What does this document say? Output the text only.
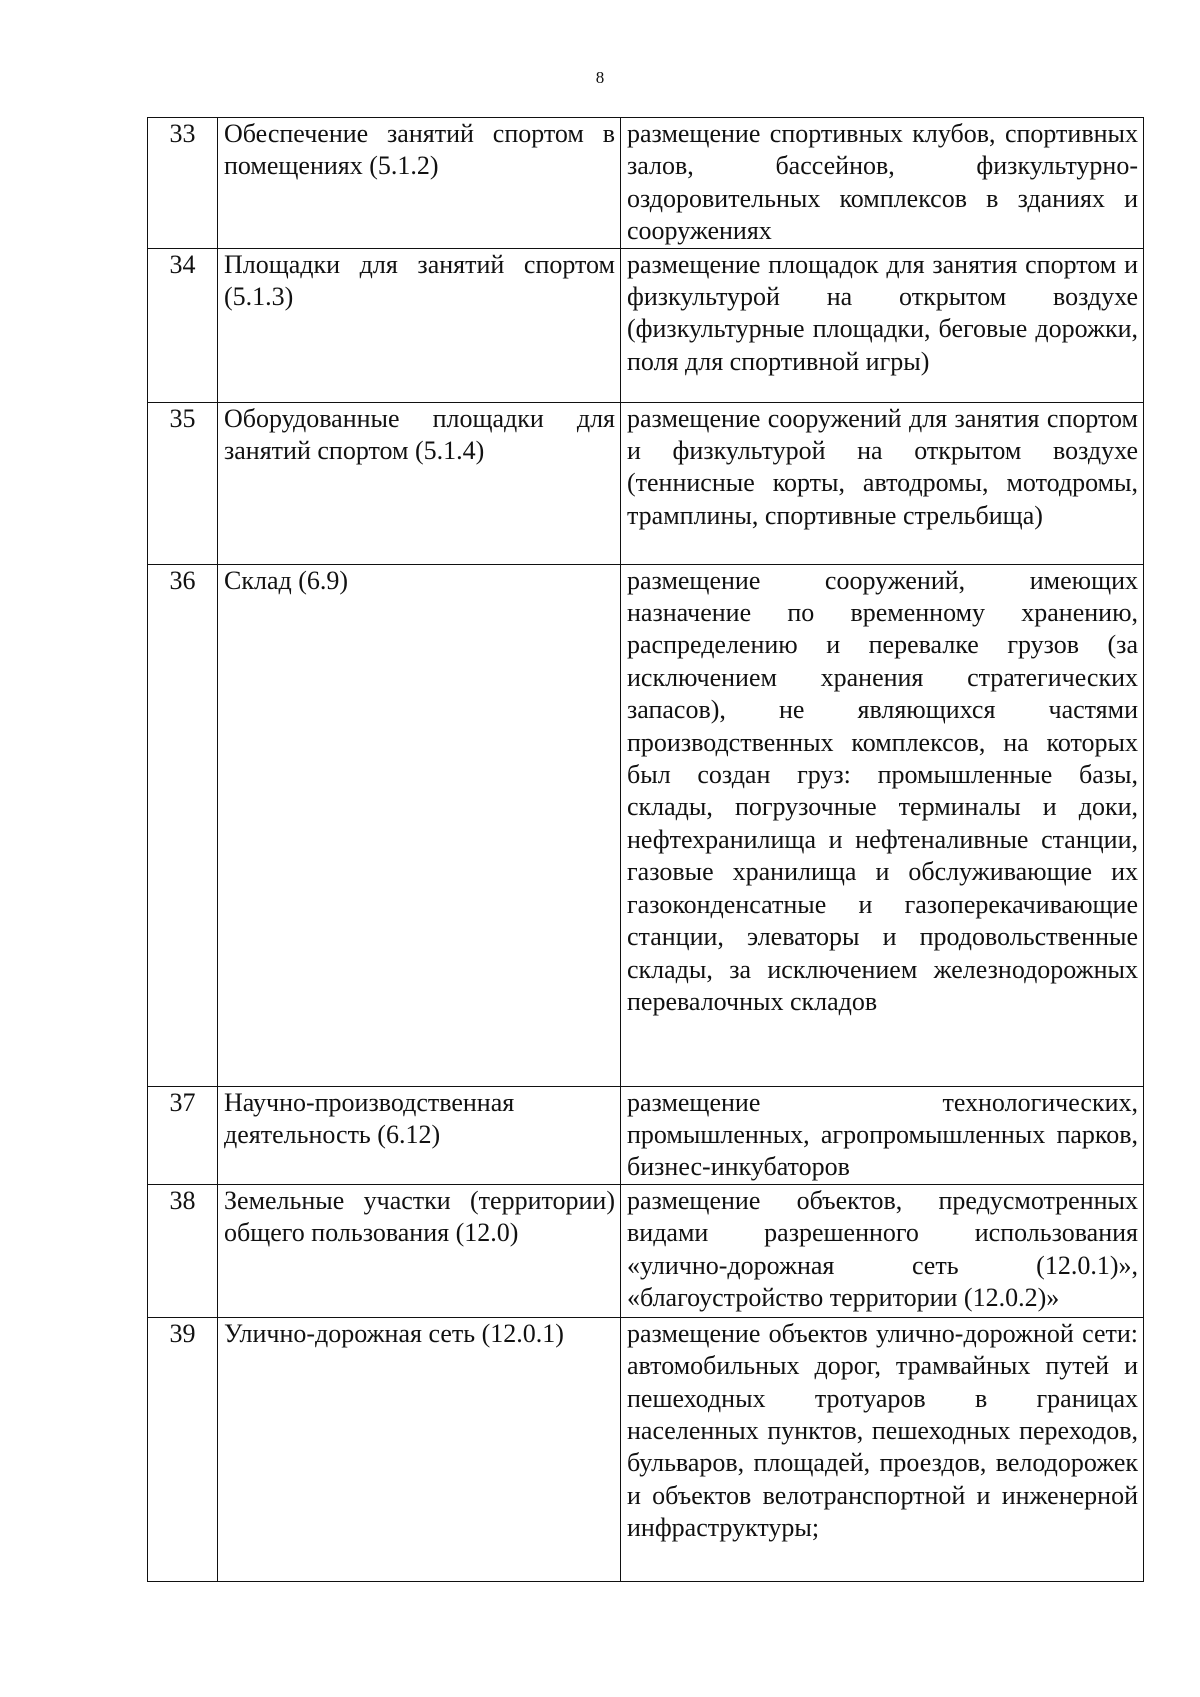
8
33	Обеспечение занятий спортом в помещениях (5.1.2)	размещение спортивных клубов, спортивных залов, бассейнов, физкультурно-оздоровительных комплексов в зданиях и сооружениях
34	Площадки для занятий спортом (5.1.3)	размещение площадок для занятия спортом и физкультурой на открытом воздухе (физкультурные площадки, беговые дорожки, поля для спортивной игры)
35	Оборудованные площадки для занятий спортом (5.1.4)	размещение сооружений для занятия спортом и физкультурой на открытом воздухе (теннисные корты, автодромы, мотодромы, трамплины, спортивные стрельбища)
36	Склад (6.9)	размещение сооружений, имеющих назначение по временному хранению, распределению и перевалке грузов (за исключением хранения стратегических запасов), не являющихся частями производственных комплексов, на которых был создан груз: промышленные базы, склады, погрузочные терминалы и доки, нефтехранилища и нефтеналивные станции, газовые хранилища и обслуживающие их газоконденсатные и газоперекачивающие станции, элеваторы и продовольственные склады, за исключением железнодорожных перевалочных складов
37	Научно-производственная деятельность (6.12)	размещение технологических, промышленных, агропромышленных парков, бизнес-инкубаторов
38	Земельные участки (территории) общего пользования (12.0)	размещение объектов, предусмотренных видами разрешенного использования «улично-дорожная сеть (12.0.1)», «благоустройство территории (12.0.2)»
39	Улично-дорожная сеть (12.0.1)	размещение объектов улично-дорожной сети: автомобильных дорог, трамвайных путей и пешеходных тротуаров в границах населенных пунктов, пешеходных переходов, бульваров, площадей, проездов, велодорожек и объектов велотранспортной и инженерной инфраструктуры;
